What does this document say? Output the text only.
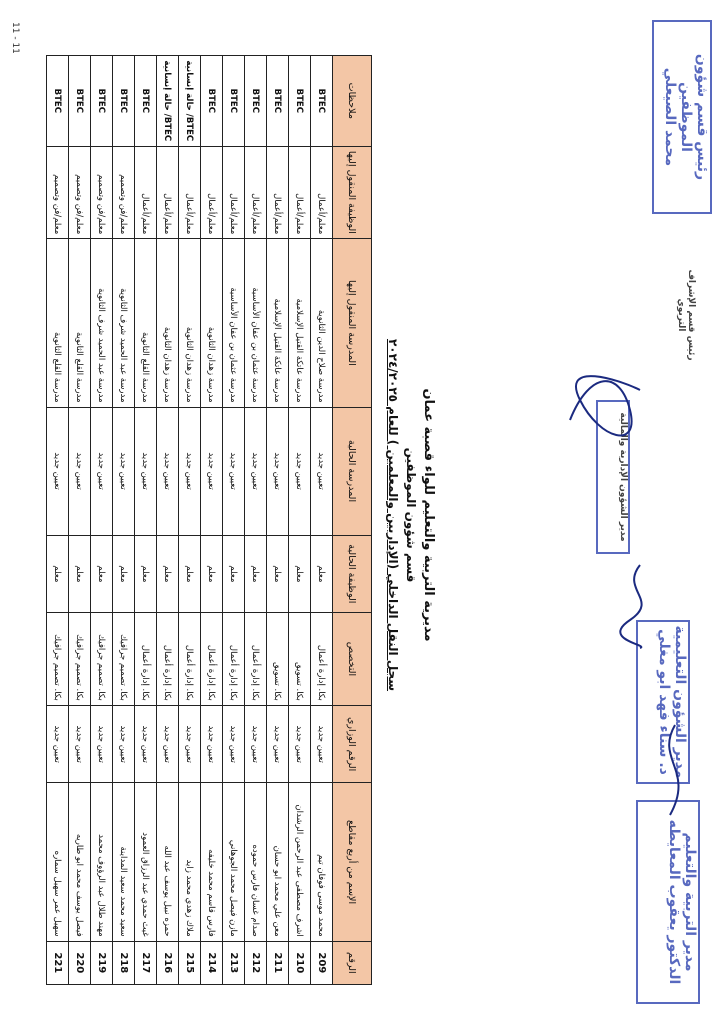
11 - 11
مديرية التربية والتعليم للواء قصبة عمان
قسم شؤون الموظفين
سجل النقل الداخلي (الإداريين والمعلمين ) للعام ٢٠٢٤/٢٠٢٥
الرقم	الإسم من أربع مقاطع	الرقم الوزاري	التخصص	الوظيفة الحالية	المدرسة الحالية	المدرسة المنقول إليها	الوظيفة المنقول إليها	ملاحظات
209	محمد موسى فوفان تيم	تعيين جديد	بكا. إدارة أعمال	معلم	تعيين جديد	مدرسة صلاح الدين الثانوية	معلم/أعمال	BTEC
210	اشرف مصطفى عبد الرحمن الرشدان	تعيين جديد	بكا. تسويق	معلم	تعيين جديد	مدرسة عاتكة القتيل الإسلامية	معلم/أعمال	BTEC
211	معن علي محمد ابو حسان	تعيين جديد	بكا. تسويق	معلم	تعيين جديد	مدرسة عاتكة القتيل الإسلامية	معلم/أعمال	BTEC
212	صدام غسان فارس حموده	تعيين جديد	بكا. إدارة أعمال	معلم	تعيين جديد	مدرسة عثمان بن عفان الأساسية	معلم/أعمال	BTEC
213	مازن فيصل محمد الجوهاني	تعيين جديد	بكا. إدارة أعمال	معلم	تعيين جديد	مدرسة عثمان بن عفان الأساسية	معلم/أعمال	BTEC
214	فارس قاسم محمد خليفه	تعيين جديد	بكا. إدارة أعمال	معلم	تعيين جديد	مدرسة زهدان الثانوية	معلم/أعمال	BTEC
215	ملاك زهدي محمد زايد	تعيين جديد	بكا. إدارة أعمال	معلم	تعيين جديد	مدرسة زهدان الثانوية	معلم/أعمال	BTEC/ حالة إنسانية
216	حمزه نبيل يوسف عبد الله	تعيين جديد	بكا. إدارة أعمال	معلم	تعيين جديد	مدرسة زهدان الثانوية	معلم/أعمال	BTEC/ حالة إنسانية
217	غيث حمدي عبد الرزاق العمود	تعيين جديد	بكا. إدارة أعمال	معلم	تعيين جديد	مدرسة القلع الثانوية	معلم/أعمال	BTEC
218	سعيد محمد سعيد المداينة	تعيين جديد	بكا. تصميم جرافيك	معلم	تعيين جديد	مدرسة عبد الحميد شرف الثانوية	معلم/فن وتصميم	BTEC
219	مهند طلال عبد الرؤوف محمد	تعيين جديد	بكا. تصميم جرافيك	معلم	تعيين جديد	مدرسة عبد الحميد شرف الثانوية	معلم/فن وتصميم	BTEC
220	فيصل يوسف محمد ابو طاريه	تعيين جديد	بكا. تصميم جرافيك	معلم	تعيين جديد	مدرسة القلع الثانوية	معلم/فن وتصميم	BTEC
221	سهيل عمر سهيل سماره	تعيين جديد	بكا. تصميم جرافيك	معلم	تعيين جديد	مدرسة القلع الثانوية	معلم/فن وتصميم	BTEC	رئيس قسم شؤون الموظفين
محمد الصيعلي
مدير الشؤون الإدارية والمالية
مدير الشؤون التعليمية
د. سناء فهد ابو مغلي
مدير التربية والتعليم
الدكتور يعقوب المعايطه
رئيس قسم الإشراف التربوي
